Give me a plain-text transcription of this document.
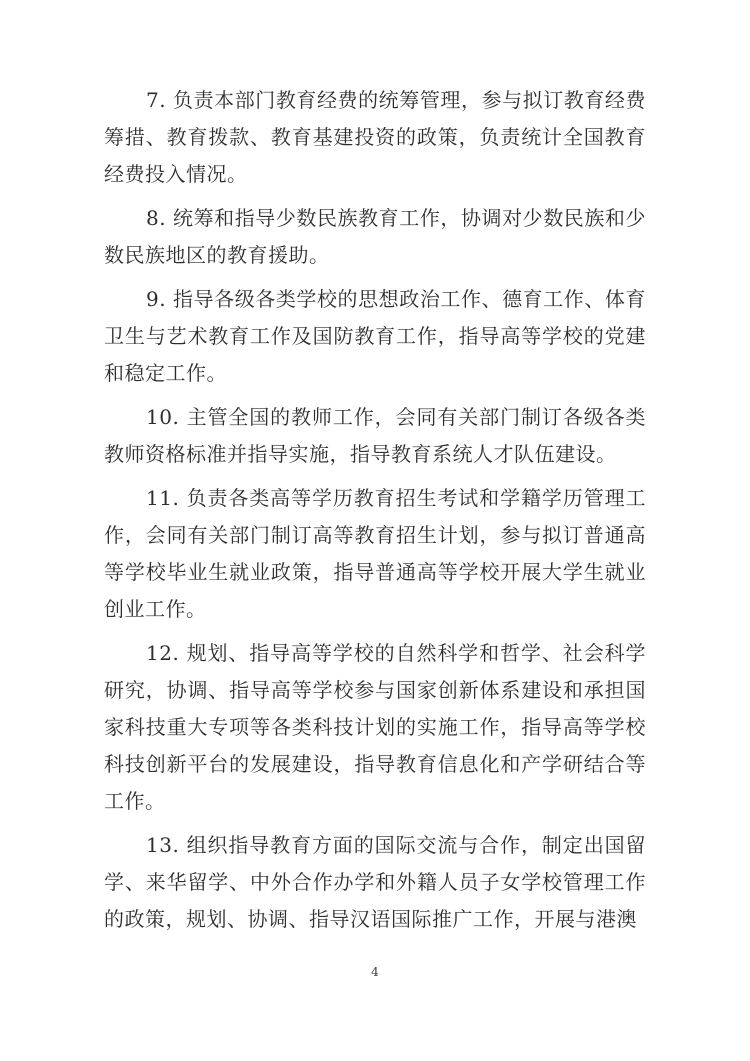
7. 负责本部门教育经费的统筹管理，参与拟订教育经费筹措、教育拨款、教育基建投资的政策，负责统计全国教育经费投入情况。

8. 统筹和指导少数民族教育工作，协调对少数民族和少数民族地区的教育援助。

9. 指导各级各类学校的思想政治工作、德育工作、体育卫生与艺术教育工作及国防教育工作，指导高等学校的党建和稳定工作。

10. 主管全国的教师工作，会同有关部门制订各级各类教师资格标准并指导实施，指导教育系统人才队伍建设。

11. 负责各类高等学历教育招生考试和学籍学历管理工作，会同有关部门制订高等教育招生计划，参与拟订普通高等学校毕业生就业政策，指导普通高等学校开展大学生就业创业工作。

12. 规划、指导高等学校的自然科学和哲学、社会科学研究，协调、指导高等学校参与国家创新体系建设和承担国家科技重大专项等各类科技计划的实施工作，指导高等学校科技创新平台的发展建设，指导教育信息化和产学研结合等工作。

13. 组织指导教育方面的国际交流与合作，制定出国留学、来华留学、中外合作办学和外籍人员子女学校管理工作的政策，规划、协调、指导汉语国际推广工作，开展与港澳

4
